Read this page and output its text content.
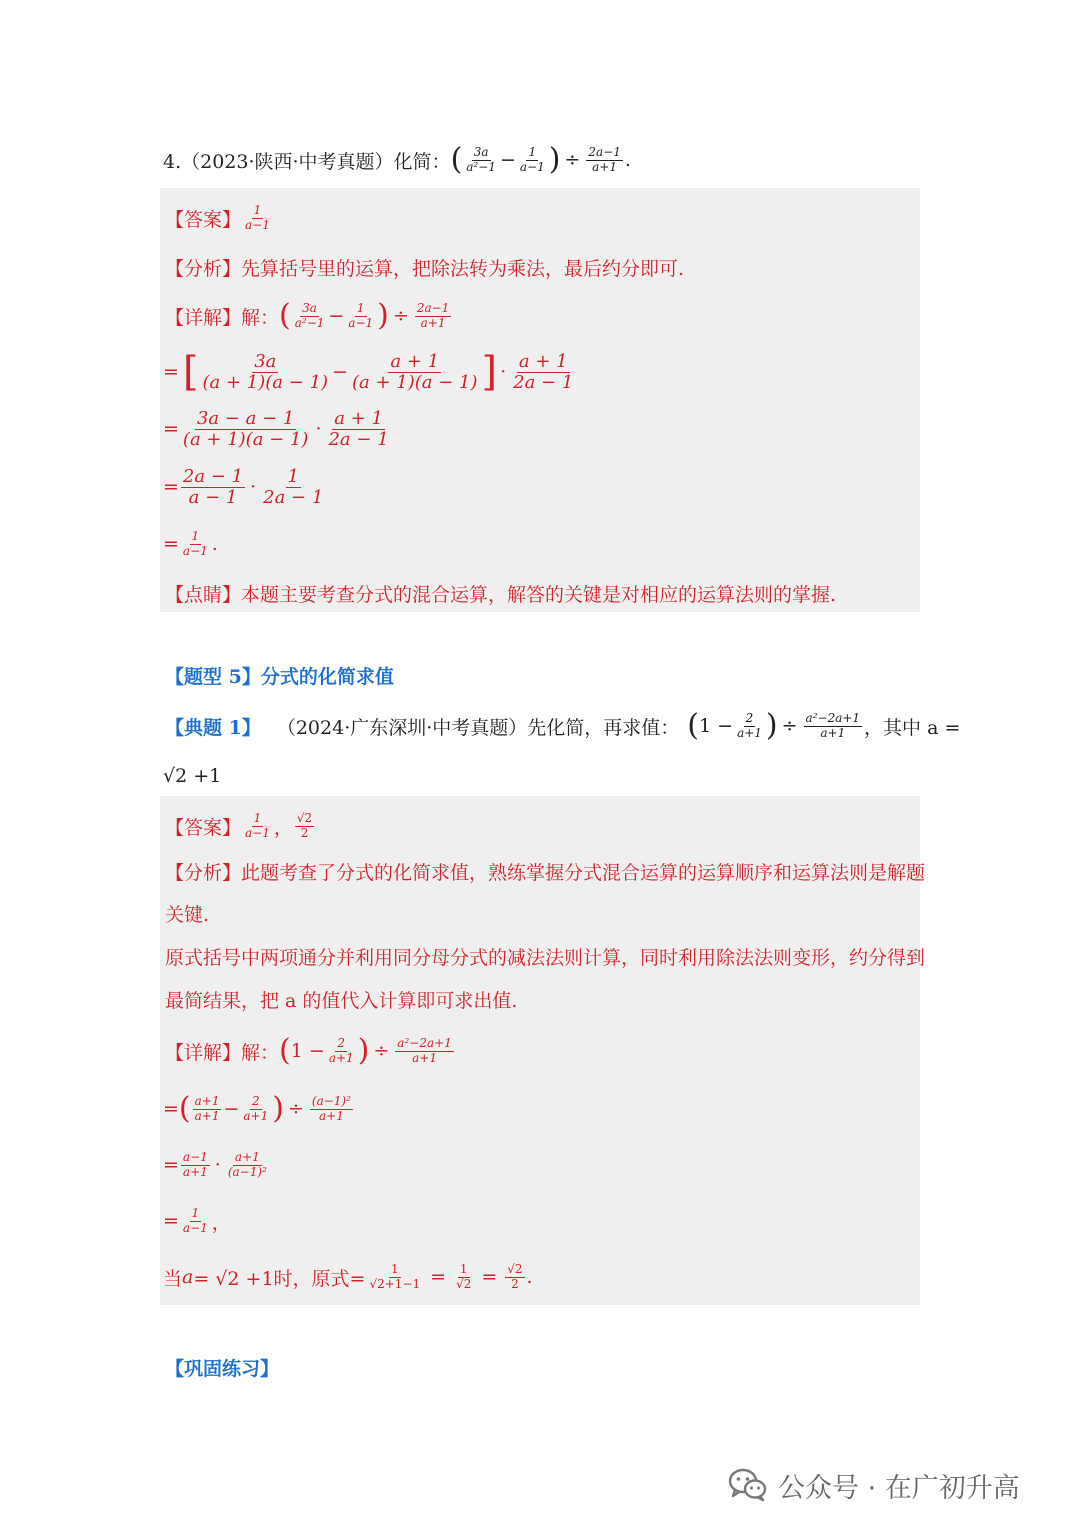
4.（2023·陕西·中考真题）化简： ( $\frac{3a}{\text{a²−1}} - \frac{1}{a-1}$ ) ÷ $\frac{2a-1}{a+1}$ .
【答案】 $\frac{1}{a-1}$
【分析】 先算括号里的运算，把除法转为乘法，最后约分即可.
【详解】 解： ( $\frac{3a}{\text{a²−1}} - \frac{1}{a-1}$ ) ÷ $\frac{2a-1}{a+1}$
= [ $\frac{3a}{(a + 1)(a - 1)} - \frac{a + 1}{(a + 1)(a - 1)}$ ] · $\frac{a + 1}{2a - 1}$
= $\frac{3a - a - 1}{(a + 1)(a - 1)} \cdot \frac{a + 1}{2a - 1}$
= $\frac{2a - 1}{a - 1} \cdot \frac{1}{2a - 1}$
= $\frac{1}{a-1}$ .
【点睛】 本题主要考查分式的混合运算，解答的关键是对相应的运算法则的掌握.
【题型 5】分式的化简求值
【典题 1】 （2024·广东深圳·中考真题）先化简，再求值： ( $1 - \frac{2}{a+1}$ ) ÷ $\frac{\text{a²−2a+1}}{a+1}$ ，其中 a =
√2 +1
【答案】 $\frac{1}{a-1}$ ， $\frac{√2}{2}$
【分析】此题考查了分式的化简求值，熟练掌握分式混合运算的运算顺序和运算法则是解题
关键.
原式括号中两项通分并利用同分母分式的减法法则计算，同时利用除法法则变形，约分得到
最简结果，把 a 的值代入计算即可求出值.
【详解】 解： ( $1 - \frac{2}{a+1}$ ) ÷ $\frac{\text{a²−2a+1}}{a+1}$
= ( $\frac{a+1}{a+1} - \frac{2}{a+1}$ ) ÷ $\frac{\text{(a−1)²}}{a+1}$
= $\frac{a-1}{a+1} \cdot \frac{a+1}{\text{(a−1)²}}$
= $\frac{1}{a-1}$ ，
当 a = √2 +1时，原式= $\frac{1}{√2+1-1} = \frac{1}{√2} = \frac{√2}{2}$ .
【巩固练习】
公众号 · 在广初升高
